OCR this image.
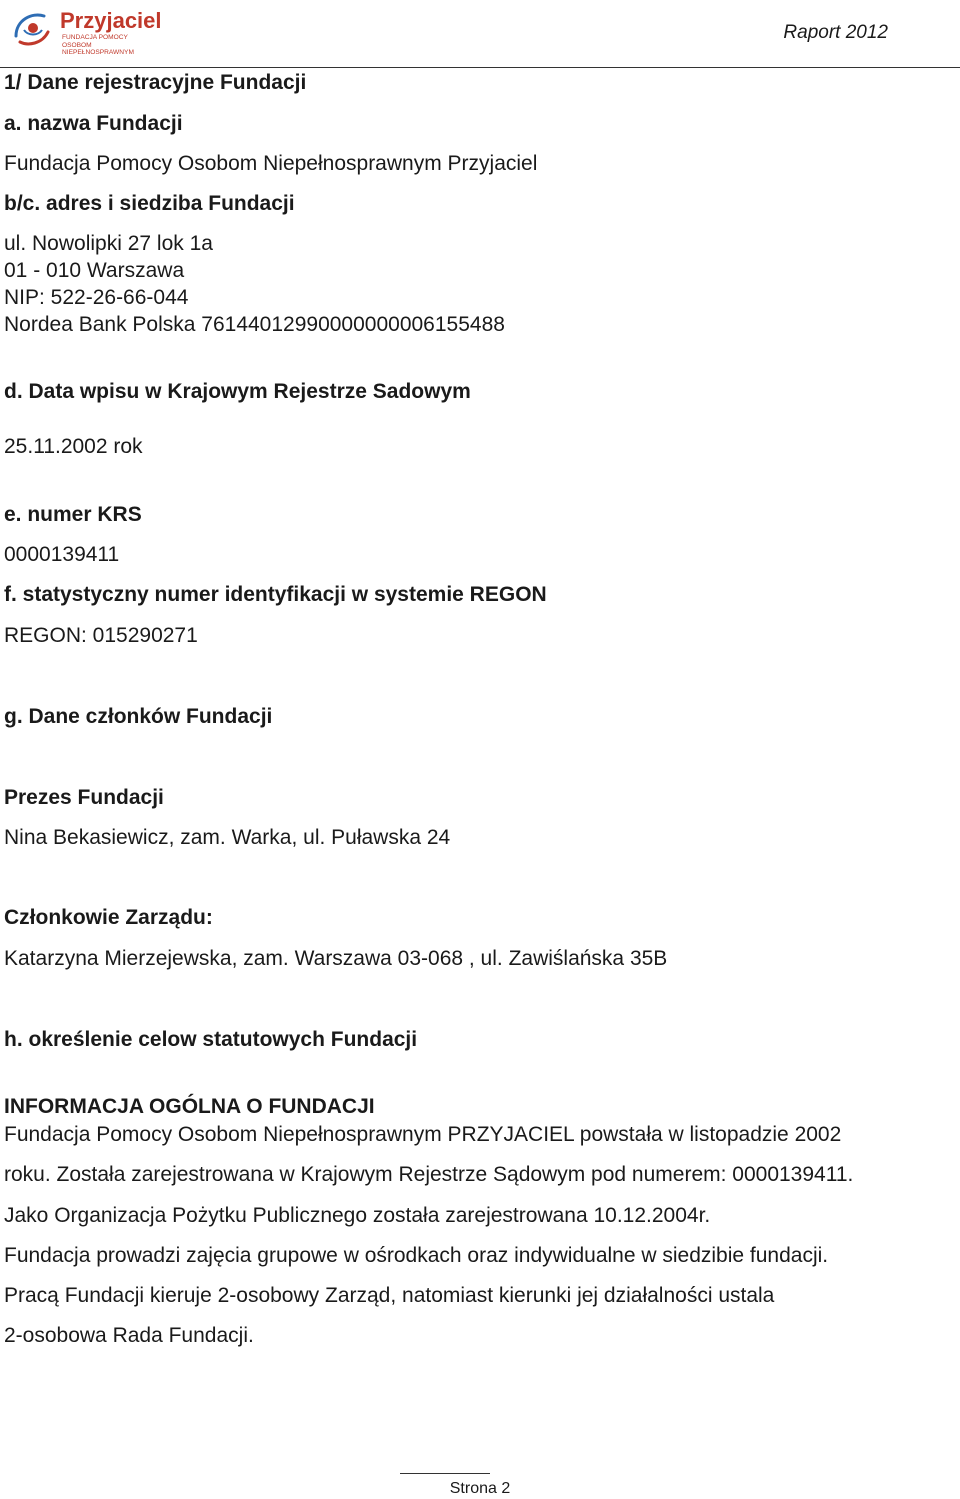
Przyjaciel
FUNDACJA POMOCY
OSOBOM NIEPEŁNOSPRAWNYM
Raport 2012
1/ Dane rejestracyjne Fundacji
a. nazwa Fundacji
Fundacja Pomocy Osobom Niepełnosprawnym Przyjaciel
b/c. adres i siedziba Fundacji
ul. Nowolipki 27 lok 1a
01 - 010 Warszawa
NIP: 522-26-66-044
Nordea Bank Polska 76144012990000000006155488
d. Data wpisu w Krajowym Rejestrze Sadowym
25.11.2002 rok
e. numer KRS
0000139411
f. statystyczny numer identyfikacji w systemie REGON
REGON: 015290271
g. Dane członków Fundacji
Prezes Fundacji
Nina Bekasiewicz, zam. Warka, ul. Puławska 24
Członkowie Zarządu:
Katarzyna Mierzejewska, zam. Warszawa 03-068 , ul. Zawiślańska 35B
h. określenie celow statutowych Fundacji
INFORMACJA OGÓLNA O FUNDACJI
Fundacja Pomocy Osobom Niepełnosprawnym PRZYJACIEL powstała w listopadzie 2002
roku. Została zarejestrowana w Krajowym Rejestrze Sądowym pod numerem: 0000139411.
Jako Organizacja Pożytku Publicznego została zarejestrowana 10.12.2004r.
Fundacja prowadzi zajęcia grupowe w ośrodkach oraz indywidualne w siedzibie fundacji.
Pracą Fundacji kieruje 2-osobowy Zarząd, natomiast kierunki jej działalności ustala
2-osobowa Rada Fundacji.
Strona 2
